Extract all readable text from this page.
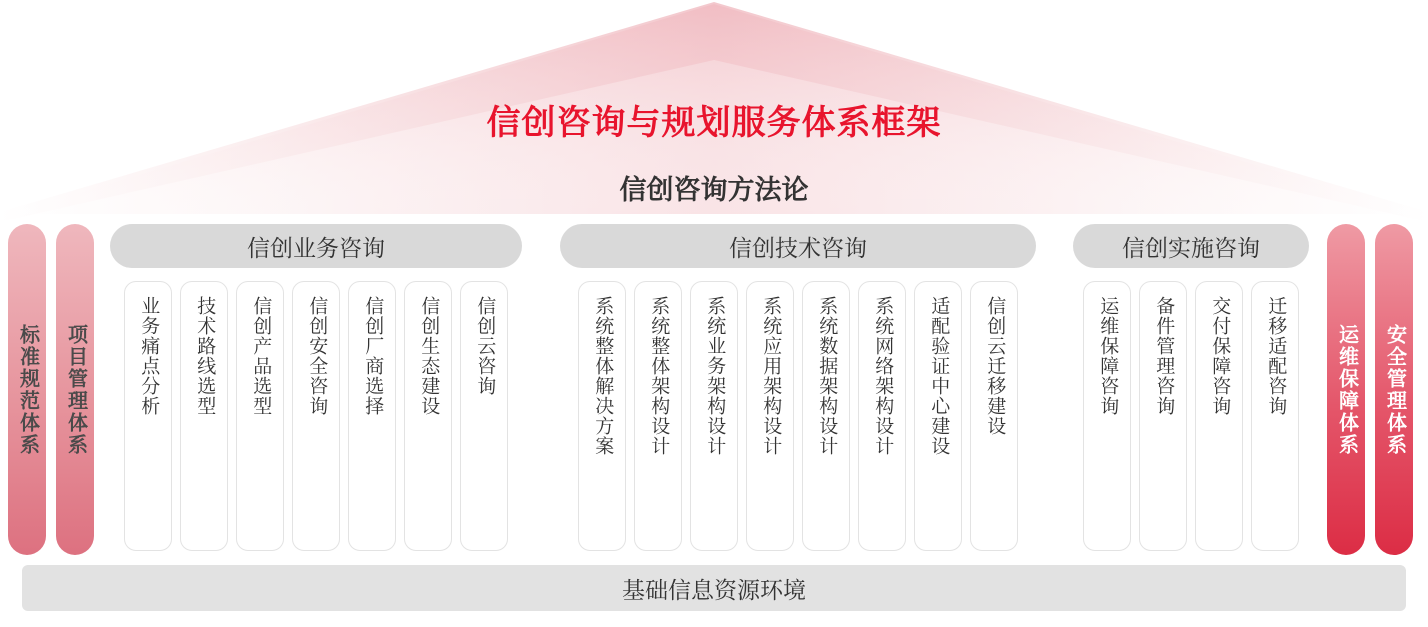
信创咨询与规划服务体系框架
信创咨询方法论
标准规范体系 项目管理体系
信创业务咨询
业务痛点分析 技术路线选型 信创产品选型 信创安全咨询 信创厂商选择 信创生态建设 信创云咨询
信创技术咨询
系统整体解决方案 系统整体架构设计 系统业务架构设计 系统应用架构设计 系统数据架构设计 系统网络架构设计 适配验证中心建设 信创云迁移建设
信创实施咨询
运维保障咨询 备件管理咨询 交付保障咨询 迁移适配咨询 运维保障体系 安全管理体系
基础信息资源环境
